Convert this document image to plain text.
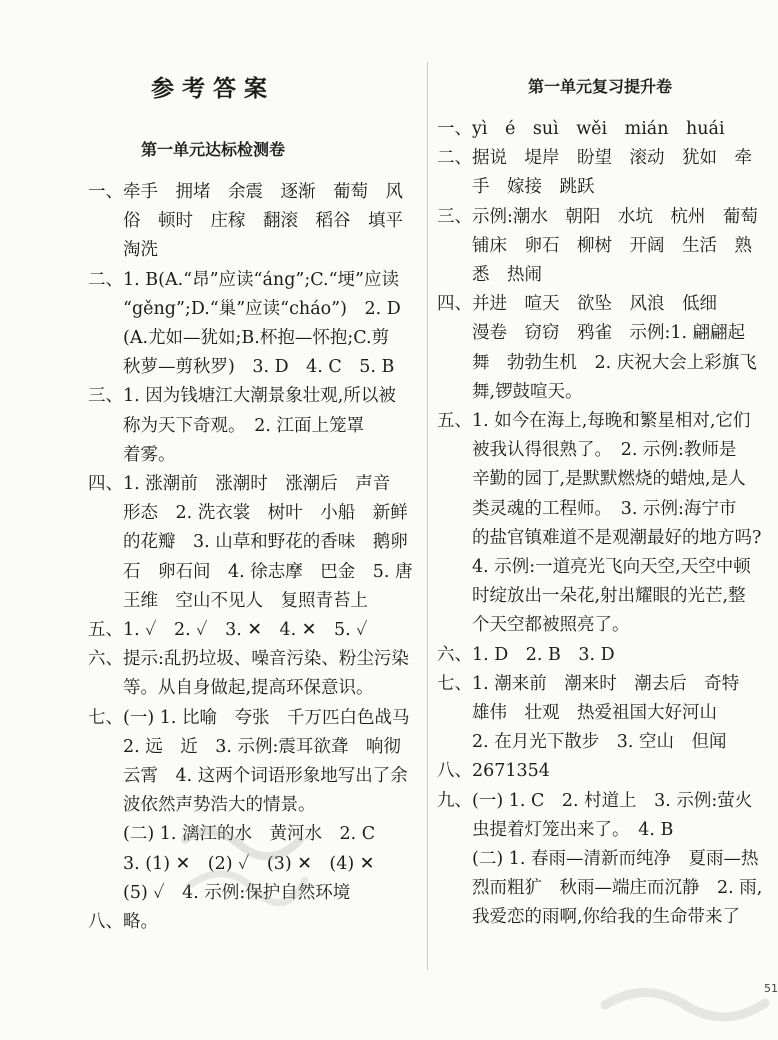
参考答案
第一单元达标检测卷

一、牵手　拥堵　余震　逐渐　葡萄　风

　　俗　顿时　庄稼　翻滚　稻谷　填平

　　淘洗

二、1. B(A.“昂”应读“áng”;C.“埂”应读

　　“gěng”;D.“巢”应读“cháo”)　2. D

　　(A.尤如—犹如;B.杯抱—怀抱;C.剪

　　秋萝—剪秋罗)　3. D　4. C　5. B

三、1. 因为钱塘江大潮景象壮观,所以被

　　称为天下奇观。　2. 江面上笼罩

　　着雾。

四、1. 涨潮前　涨潮时　涨潮后　声音

　　形态　2. 洗衣裳　树叶　小船　新鲜

　　的花瓣　3. 山草和野花的香味　鹅卵

　　石　卵石间　4. 徐志摩　巴金　5. 唐

　　王维　空山不见人　复照青苔上

五、1. ✓　2. ✓　3. ✕　4. ✕　5. ✓

六、提示:乱扔垃圾、噪音污染、粉尘污染

　　等。从自身做起,提高环保意识。

七、(一) 1. 比喻　夸张　千万匹白色战马

　　2. 远　近　3. 示例:震耳欲聋　响彻

　　云霄　4. 这两个词语形象地写出了余

　　波依然声势浩大的情景。

　　(二) 1. 漓江的水　黄河水　2. C

　　3. (1) ✕　(2) ✓　(3) ✕　(4) ✕

　　(5) ✓　4. 示例:保护自然环境

八、略。

第一单元复习提升卷

一、yì　é　suì　wěi　mián　huái

二、据说　堤岸　盼望　滚动　犹如　牵

　　手　嫁接　跳跃

三、示例:潮水　朝阳　水坑　杭州　葡萄

　　铺床　卵石　柳树　开阔　生活　熟

　　悉　热闹

四、并进　喧天　欲坠　风浪　低细

　　漫卷　窃窃　鸦雀　示例:1. 翩翩起

　　舞　勃勃生机　2. 庆祝大会上彩旗飞

　　舞,锣鼓喧天。

五、1. 如今在海上,每晚和繁星相对,它们

　　被我认得很熟了。　2. 示例:教师是

　　辛勤的园丁,是默默燃烧的蜡烛,是人

　　类灵魂的工程师。　3. 示例:海宁市

　　的盐官镇难道不是观潮最好的地方吗?

　　4. 示例:一道亮光飞向天空,天空中顿

　　时绽放出一朵花,射出耀眼的光芒,整

　　个天空都被照亮了。

六、1. D　2. B　3. D

七、1. 潮来前　潮来时　潮去后　奇特

　　雄伟　壮观　热爱祖国大好河山

　　2. 在月光下散步　3. 空山　但闻

八、2671354

九、(一) 1. C　2. 村道上　3. 示例:萤火

　　虫提着灯笼出来了。　4. B

　　(二) 1. 春雨—清新而纯净　夏雨—热

　　烈而粗犷　秋雨—端庄而沉静　2. 雨,

　　我爱恋的雨啊,你给我的生命带来了

51
